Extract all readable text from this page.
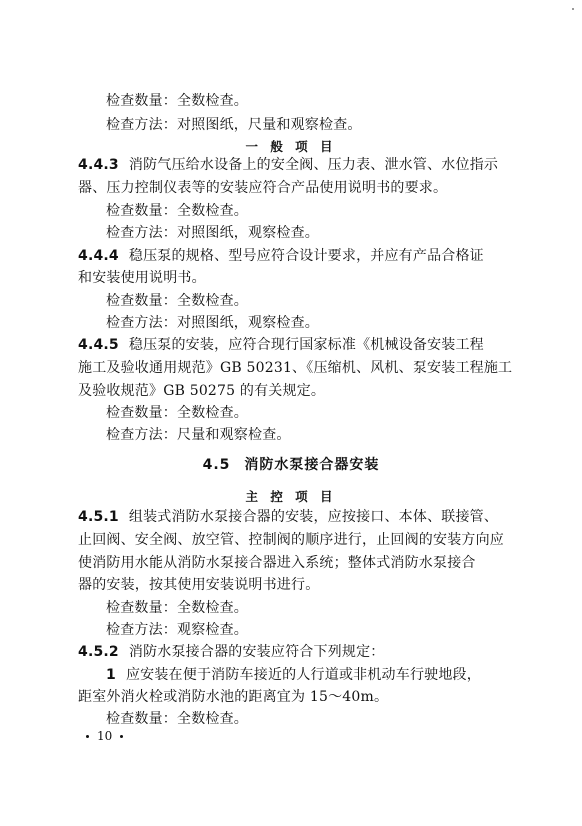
检查数量：全数检查。
检查方法：对照图纸，尺量和观察检查。
一 般 项 目
4.4.3 消防气压给水设备上的安全阀、压力表、泄水管、水位指示
器、压力控制仪表等的安装应符合产品使用说明书的要求。
检查数量：全数检查。
检查方法：对照图纸，观察检查。
4.4.4 稳压泵的规格、型号应符合设计要求，并应有产品合格证
和安装使用说明书。
检查数量：全数检查。
检查方法：对照图纸，观察检查。
4.4.5 稳压泵的安装，应符合现行国家标准《机械设备安装工程
施工及验收通用规范》GB 50231、《压缩机、风机、泵安装工程施工
及验收规范》GB 50275 的有关规定。
检查数量：全数检查。
检查方法：尺量和观察检查。
4.5 消防水泵接合器安装
主 控 项 目
4.5.1 组装式消防水泵接合器的安装，应按接口、本体、联接管、
止回阀、安全阀、放空管、控制阀的顺序进行，止回阀的安装方向应
使消防用水能从消防水泵接合器进入系统；整体式消防水泵接合
器的安装，按其使用安装说明书进行。
检查数量：全数检查。
检查方法：观察检查。
4.5.2 消防水泵接合器的安装应符合下列规定：
1 应安装在便于消防车接近的人行道或非机动车行驶地段，
距室外消火栓或消防水池的距离宜为 15～40m。
检查数量：全数检查。
10
